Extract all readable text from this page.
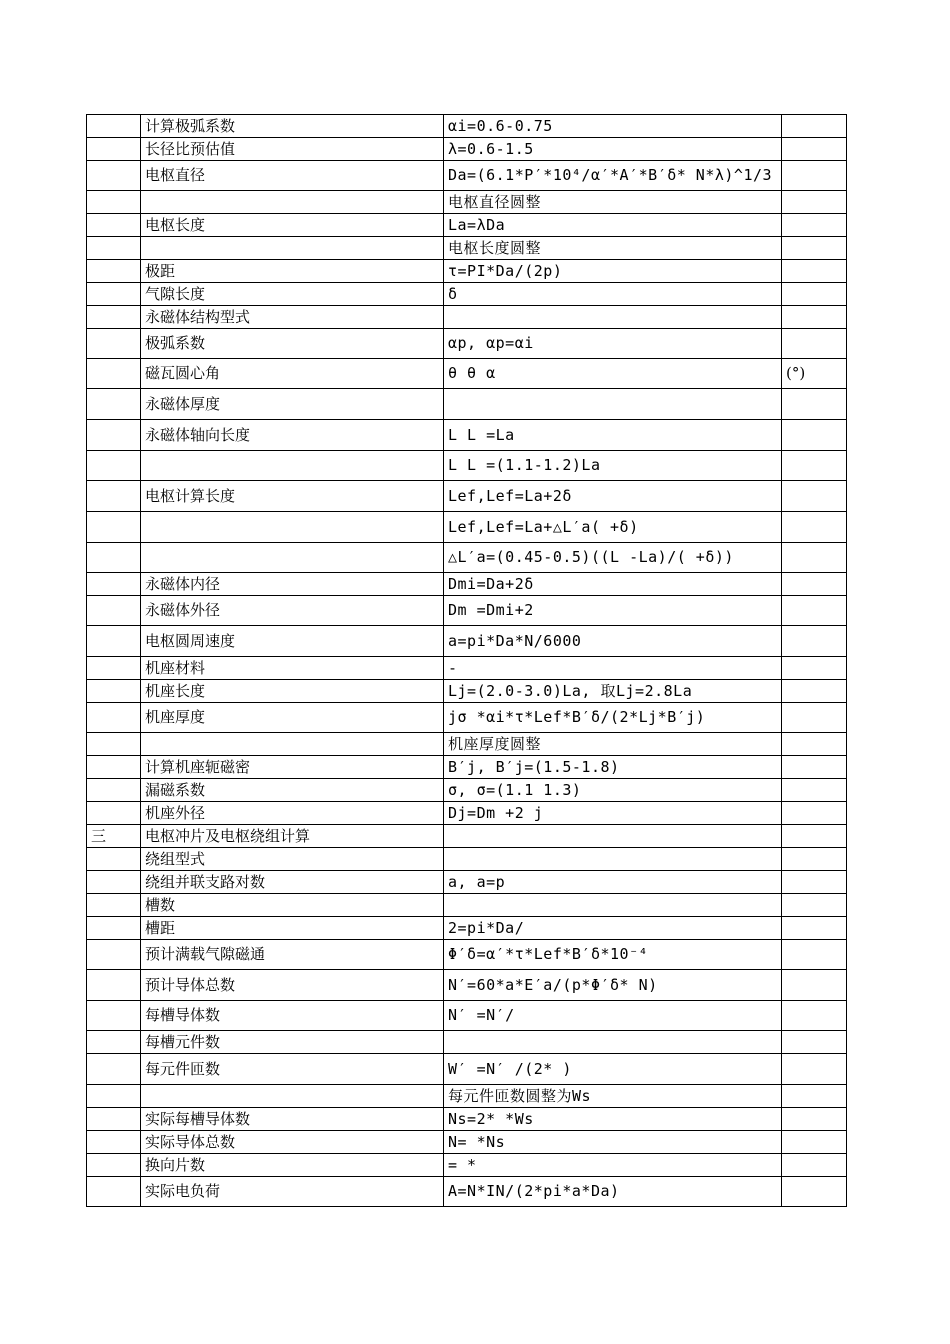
	计算极弧系数	αi=0.6-0.75	
	长径比预估值	λ=0.6-1.5	
	电枢直径	Da=(6.1*P′*10⁴/α′*A′*B′δ* N*λ)^1/3	
		电枢直径圆整	
	电枢长度	La=λDa	
		电枢长度圆整	
	极距	τ=PI*Da/(2p)	
	气隙长度	δ	
	永磁体结构型式		
	极弧系数	αp, αp=αi	
	磁瓦圆心角	θ θ α	(°)
	永磁体厚度		
	永磁体轴向长度	L L =La	
		L L =(1.1-1.2)La	
	电枢计算长度	Lef,Lef=La+2δ	
		Lef,Lef=La+△L′a( +δ)	
		△L′a=(0.45-0.5)((L -La)/( +δ))	
	永磁体内径	Dmi=Da+2δ	
	永磁体外径	Dm =Dmi+2	
	电枢圆周速度	a=pi*Da*N/6000	
	机座材料	-	
	机座长度	Lj=(2.0-3.0)La, 取Lj=2.8La	
	机座厚度	jσ *αi*τ*Lef*B′δ/(2*Lj*B′j)	
		机座厚度圆整	
	计算机座轭磁密	B′j, B′j=(1.5-1.8)	
	漏磁系数	σ, σ=(1.1 1.3)	
	机座外径	Dj=Dm +2 j	
三	电枢冲片及电枢绕组计算		
	绕组型式		
	绕组并联支路对数	a, a=p	
	槽数		
	槽距	2=pi*Da/	
	预计满载气隙磁通	Φ′δ=α′*τ*Lef*B′δ*10⁻⁴	
	预计导体总数	N′=60*a*E′a/(p*Φ′δ* N)	
	每槽导体数	N′ =N′/	
	每槽元件数		
	每元件匝数	W′ =N′ /(2* )	
		每元件匝数圆整为Ws	
	实际每槽导体数	Ns=2* *Ws	
	实际导体总数	N= *Ns	
	换向片数	= *	
	实际电负荷	A=N*IN/(2*pi*a*Da)	
